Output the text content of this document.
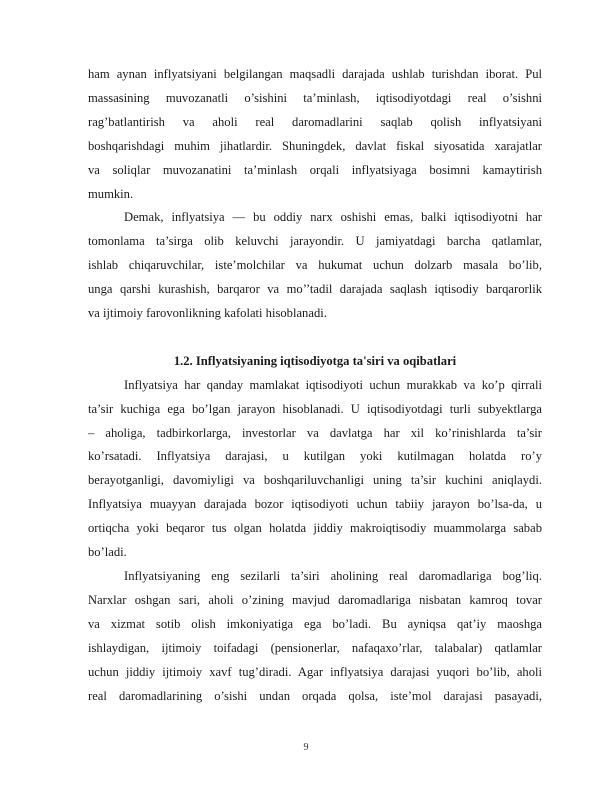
ham aynan inflyatsiyani belgilangan maqsadli darajada ushlab turishdan iborat. Pul
massasining muvozanatli o’sishini ta’minlash, iqtisodiyotdagi real o’sishni
rag’batlantirish va aholi real daromadlarini saqlab qolish inflyatsiyani
boshqarishdagi muhim jihatlardir. Shuningdek, davlat fiskal siyosatida xarajatlar
va soliqlar muvozanatini ta’minlash orqali inflyatsiyaga bosimni kamaytirish
mumkin.

Demak, inflyatsiya — bu oddiy narx oshishi emas, balki iqtisodiyotni har
tomonlama ta’sirga olib keluvchi jarayondir. U jamiyatdagi barcha qatlamlar,
ishlab chiqaruvchilar, iste’molchilar va hukumat uchun dolzarb masala bo’lib,
unga qarshi kurashish, barqaror va mo’’tadil darajada saqlash iqtisodiy barqarorlik
va ijtimoiy farovonlikning kafolati hisoblanadi.

1.2. Inflyatsiyaning iqtisodiyotga ta'siri va oqibatlari

Inflyatsiya har qanday mamlakat iqtisodiyoti uchun murakkab va ko’p qirrali
ta’sir kuchiga ega bo’lgan jarayon hisoblanadi. U iqtisodiyotdagi turli subyektlarga
– aholiga, tadbirkorlarga, investorlar va davlatga har xil ko’rinishlarda ta’sir
ko’rsatadi. Inflyatsiya darajasi, u kutilgan yoki kutilmagan holatda ro’y
berayotganligi, davomiyligi va boshqariluvchanligi uning ta’sir kuchini aniqlaydi.
Inflyatsiya muayyan darajada bozor iqtisodiyoti uchun tabiiy jarayon bo’lsa-da, u
ortiqcha yoki beqaror tus olgan holatda jiddiy makroiqtisodiy muammolarga sabab
bo’ladi.

Inflyatsiyaning eng sezilarli ta’siri aholining real daromadlariga bog’liq.
Narxlar oshgan sari, aholi o’zining mavjud daromadlariga nisbatan kamroq tovar
va xizmat sotib olish imkoniyatiga ega bo’ladi. Bu ayniqsa qat’iy maoshga
ishlaydigan, ijtimoiy toifadagi (pensionerlar, nafaqaxo’rlar, talabalar) qatlamlar
uchun jiddiy ijtimoiy xavf tug’diradi. Agar inflyatsiya darajasi yuqori bo’lib, aholi
real daromadlarining o’sishi undan orqada qolsa, iste’mol darajasi pasayadi,

9
